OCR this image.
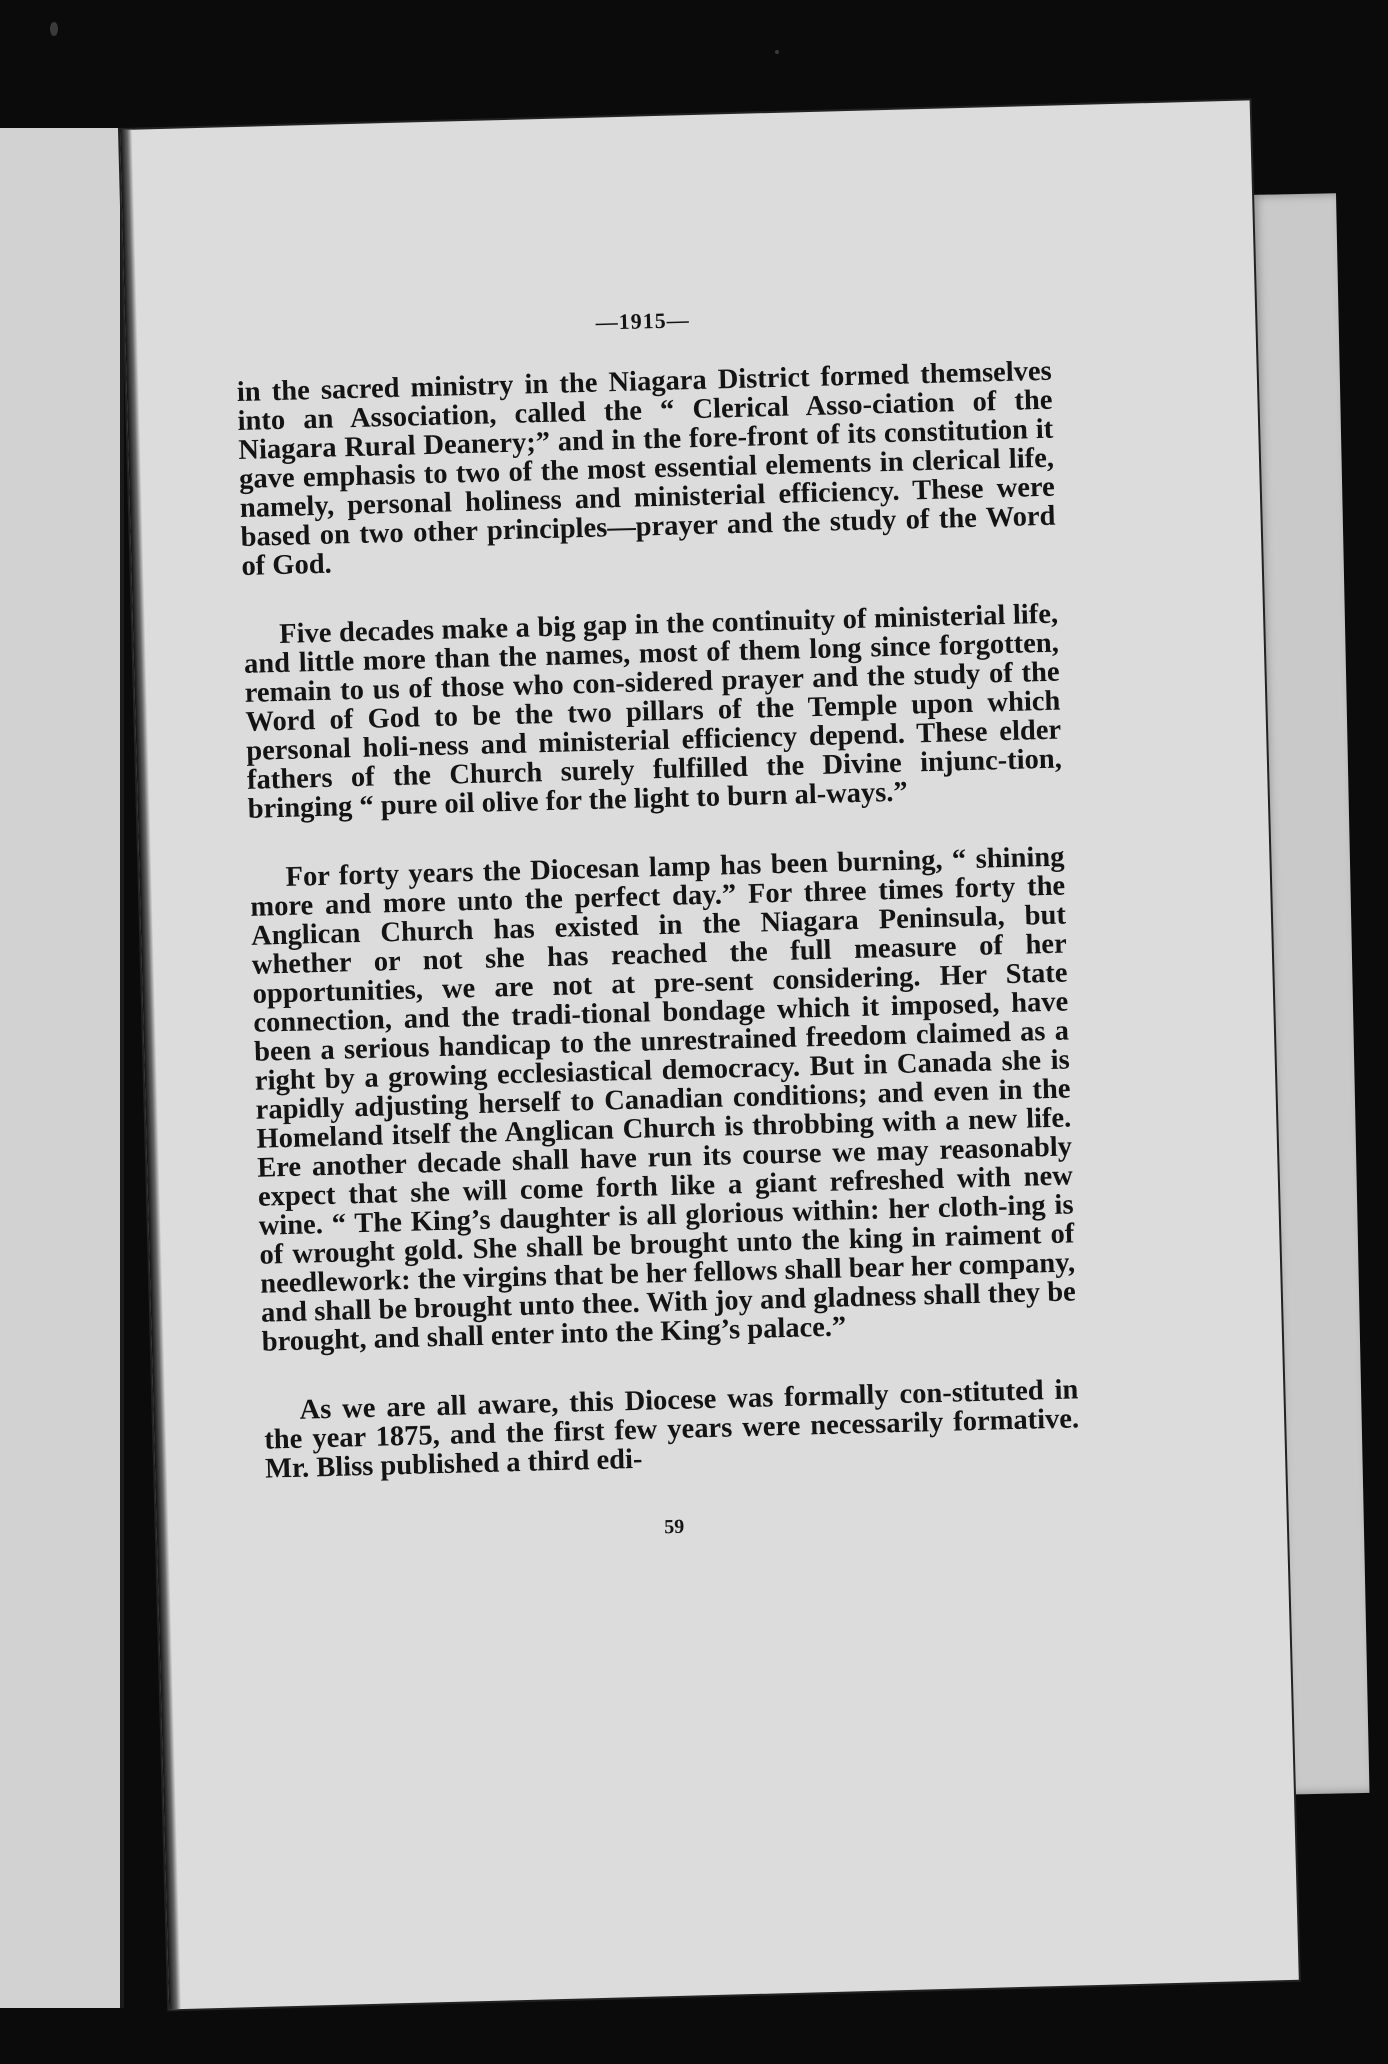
—1915—

in the sacred ministry in the Niagara District formed themselves into an Association, called the “ Clerical Asso-ciation of the Niagara Rural Deanery;” and in the fore-front of its constitution it gave emphasis to two of the most essential elements in clerical life, namely, personal holiness and ministerial efficiency. These were based on two other principles—prayer and the study of the Word of God.

Five decades make a big gap in the continuity of ministerial life, and little more than the names, most of them long since forgotten, remain to us of those who con-sidered prayer and the study of the Word of God to be the two pillars of the Temple upon which personal holi-ness and ministerial efficiency depend. These elder fathers of the Church surely fulfilled the Divine injunc-tion, bringing “ pure oil olive for the light to burn al-ways.”

For forty years the Diocesan lamp has been burning, “ shining more and more unto the perfect day.” For three times forty the Anglican Church has existed in the Niagara Peninsula, but whether or not she has reached the full measure of her opportunities, we are not at pre-sent considering. Her State connection, and the tradi-tional bondage which it imposed, have been a serious handicap to the unrestrained freedom claimed as a right by a growing ecclesiastical democracy. But in Canada she is rapidly adjusting herself to Canadian conditions; and even in the Homeland itself the Anglican Church is throbbing with a new life. Ere another decade shall have run its course we may reasonably expect that she will come forth like a giant refreshed with new wine. “ The King’s daughter is all glorious within: her cloth-ing is of wrought gold. She shall be brought unto the king in raiment of needlework: the virgins that be her fellows shall bear her company, and shall be brought unto thee. With joy and gladness shall they be brought, and shall enter into the King’s palace.”

As we are all aware, this Diocese was formally con-stituted in the year 1875, and the first few years were necessarily formative. Mr. Bliss published a third edi-

59
